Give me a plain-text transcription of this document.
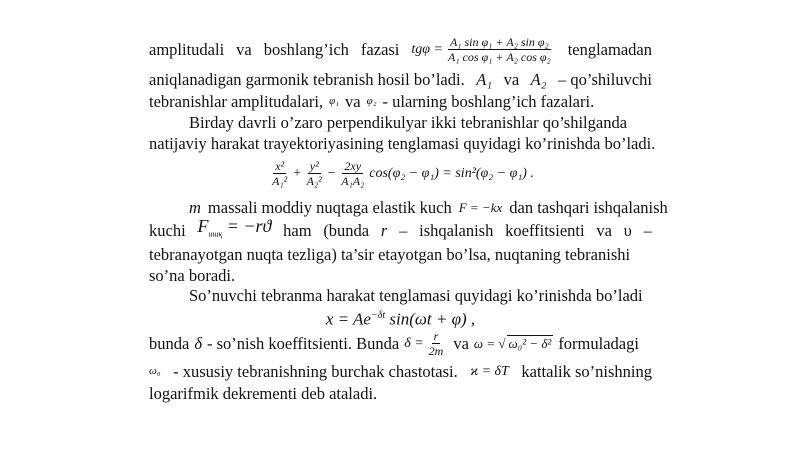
amplitudali va boshlang’ich fazasi $tg\varphi = \frac{\text{A₁ sin φ₁ + A₂ sin φ₂}}{\text{A₁ cos φ₁ + A₂ cos φ₂}}$ tenglamadan
aniqlanadigan garmonik tebranish hosil bo’ladi. A₁ va A₂ – qo’shiluvchi
tebranishlar amplitudalari, φ₁ va φ₂ - ularning boshlang’ich fazalari.
Birday davrli o’zaro perpendikulyar ikki tebranishlar qo’shilganda
natijaviy harakat trayektoriyasining tenglamasi quyidagi ko’rinishda bo’ladi.
$\frac{\text{x²}}{\text{A₁²}} + \frac{\text{y²}}{\text{A₂²}} - \frac{2xy}{\text{A₁A₂}} \cos(\varphi_2 - \varphi_1) = \sin^2(\varphi_2 - \varphi_1)$ .
m massali moddiy nuqtaga elastik kuch F = −kx dan tashqari ishqalanish
kuchi $F_{ишқ} = -rϑ$ ham (bunda r – ishqalanish koeffitsienti va υ –
tebranayotgan nuqta tezligа) ta’sir etayotgan bo’lsa, nuqtaning tebranishi
so’na boradi.
So’nuvchi tebranma harakat tenglamasi quyidagi ko’rinishda bo’ladi
$x = Ae^{-\delta t}$ sin(ωt + φ) ,
bunda δ - so’nish koeffitsienti. Bunda $\delta = \frac{r}{2m}$ va ω = √ ω₀² − δ² formuladagi
ω₀ - xususiy tebranishning burchak chastotasi. ϰ = δT kattalik so’nishning
logarifmik dekrementi deb ataladi.
